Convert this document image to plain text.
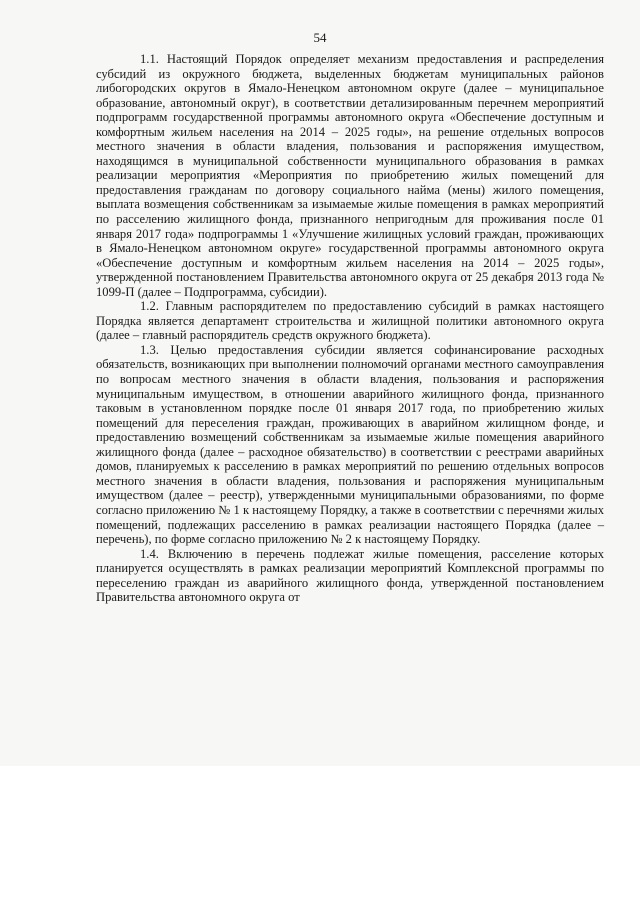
54

1.1. Настоящий Порядок определяет механизм предоставления и распределения субсидий из окружного бюджета, выделенных бюджетам муниципальных районов либогородских округов в Ямало-Ненецком автономном округе (далее – муниципальное образование, автономный округ), в соответствии детализированным перечнем мероприятий подпрограмм государственной программы автономного округа «Обеспечение доступным и комфортным жильем населения на 2014 – 2025 годы», на решение отдельных вопросов местного значения в области владения, пользования и распоряжения имуществом, находящимся в муниципальной собственности муниципального образования в рамках реализации мероприятия «Мероприятия по приобретению жилых помещений для предоставления гражданам по договору социального найма (мены) жилого помещения, выплата возмещения собственникам за изымаемые жилые помещения в рамках мероприятий по расселению жилищного фонда, признанного непригодным для проживания после 01 января 2017 года» подпрограммы 1 «Улучшение жилищных условий граждан, проживающих в Ямало-Ненецком автономном округе» государственной программы автономного округа «Обеспечение доступным и комфортным жильем населения на 2014 – 2025 годы», утвержденной постановлением Правительства автономного округа от 25 декабря 2013 года № 1099-П (далее – Подпрограмма, субсидии).

1.2. Главным распорядителем по предоставлению субсидий в рамках настоящего Порядка является департамент строительства и жилищной политики автономного округа (далее – главный распорядитель средств окружного бюджета).

1.3. Целью предоставления субсидии является софинансирование расходных обязательств, возникающих при выполнении полномочий органами местного самоуправления по вопросам местного значения в области владения, пользования и распоряжения муниципальным имуществом, в отношении аварийного жилищного фонда, признанного таковым в установленном порядке после 01 января 2017 года, по приобретению жилых помещений для переселения граждан, проживающих в аварийном жилищном фонде, и предоставлению возмещений собственникам за изымаемые жилые помещения аварийного жилищного фонда (далее – расходное обязательство) в соответствии с реестрами аварийных домов, планируемых к расселению в рамках мероприятий по решению отдельных вопросов местного значения в области владения, пользования и распоряжения муниципальным имуществом (далее – реестр), утвержденными муниципальными образованиями, по форме согласно приложению № 1 к настоящему Порядку, а также в соответствии с перечнями жилых помещений, подлежащих расселению в рамках реализации настоящего Порядка (далее – перечень), по форме согласно приложению № 2 к настоящему Порядку.

1.4. Включению в перечень подлежат жилые помещения, расселение которых планируется осуществлять в рамках реализации мероприятий Комплексной программы по переселению граждан из аварийного жилищного фонда, утвержденной постановлением Правительства автономного округа от
